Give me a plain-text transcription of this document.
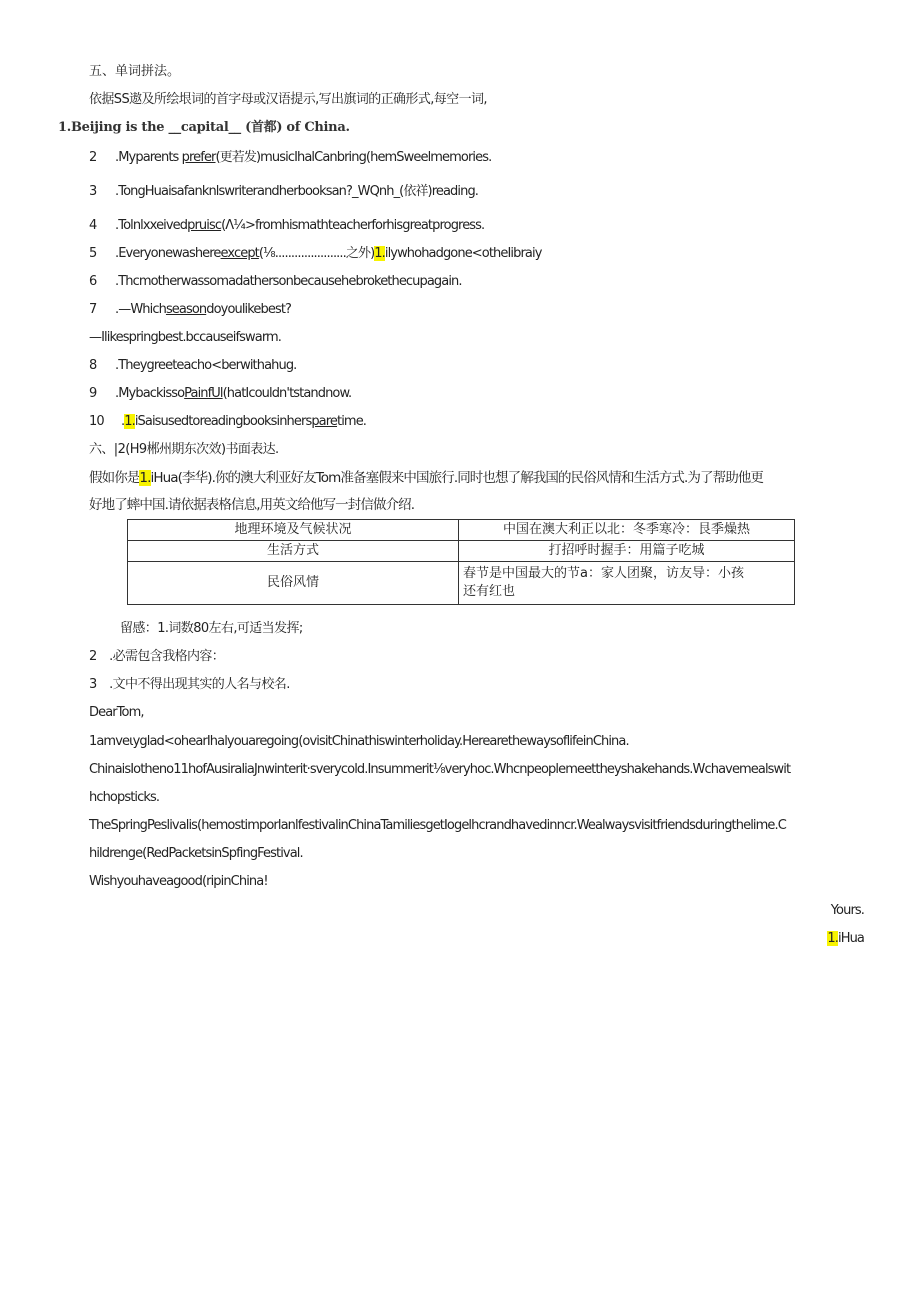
五、单词拼法。
依据SS遨及所绘垠词的首字母或汉语提示,写出旗词的正确形式,每空一词,
1.Beijing is the __capital__ (首都) of China.
2 .Myparents prefer(更若发)musicIhalCanbring(hemSweelmemories.
3 .TongHuaisafanknlswriterandherbooksan?_WQnh_(依祥)reading.
4 .Tolnlxxeivedpruisc(Λ¼>fromhismathteacherforhisgreatprogress.
5 .Everyonewashereexcept(⅛......................之外)1.ilywhohadgone<otheIibraiy
6 .Thcmotherwassomadathersonbecausehebrokethecupagain.
7 .—Whichseasondoyoulikebest?
—Ilikespringbest.bccauseifswarm.
8 .Theygreeteacho<berwithahug.
9 .MybackissoPainfUl(hatIcouldn'tstandnow.
10 .1.iSaisusedtoreadingbooksinhersparetime.
六、|2(H9郴州期东次效)书面表达.
假如你是1.iHua(李华).你的澳大利亚好友Tom准备塞假来中国旅行.同时也想了解我国的民俗风情和生活方式.为了帮助他更
好地了蟀中国.请依据表格信息,用英文给他写一封信做介绍.
地理环境及气候状况	中国在澳大利正以北：冬季寒冷：艮季燥热
生活方式	打招呼时握手：用篇子吃城
民俗风情	春节是中国最大的节a：家人团聚，访友导：小孩
还有红也
留感：1.词数80左右,可适当发挥;
2　.必需包含我格内容：
3　.文中不得出现其实的人名与校名.
DearTom,
1amveιyglad<ohearIhalyouaregoing(ovisitChinathiswinterholiday.HerearethewaysoflifeinChina.
ChinaisIotheno11hofAusiraliaJnwinterit·sverycold.Insummerit⅛veryhoc.Whcnpeoplemeettheyshakehands.Wchavemealswit
hchopsticks.
TheSpringPeslivalis(hemostimporlanlfestivalinChinaTamiliesgetIogelhcrandhavedinncr.Wealwaysvisitfriendsduringthelime.C
hildrenge(RedPacketsinSpfingFestival.
Wishyouhaveagood(ripinChina!
Yours.
1.iHua
